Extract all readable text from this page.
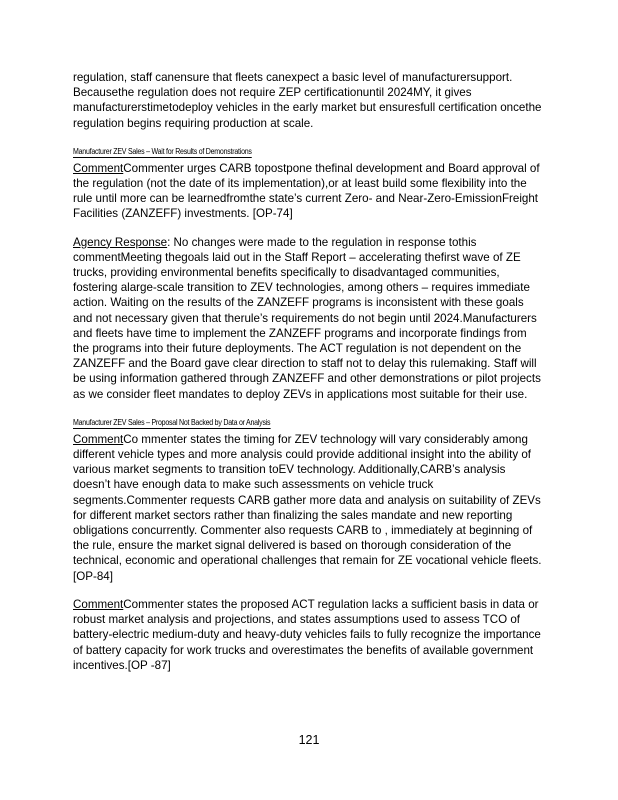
regulation, staff canensure that fleets canexpect a basic level of manufacturersupport. Becausethe regulation does not require ZEP certificationuntil 2024MY, it gives manufacturerstimetodeploy vehicles in the early market but ensuresfull certification oncethe regulation begins requiring production at scale.

Manufacturer ZEV Sales – Wait for Results of Demonstrations

CommentCommenter urges CARB topostpone thefinal development and Board approval of the regulation (not the date of its implementation),or at least build some flexibility into the rule until more can be learnedfromthe state’s current Zero- and Near-Zero-EmissionFreight Facilities (ZANZEFF) investments. [OP-74]

Agency Response: No changes were made to the regulation in response tothis commentMeeting thegoals laid out in the Staff Report – accelerating thefirst wave of ZE trucks, providing environmental benefits specifically to disadvantaged communities, fostering alarge-scale transition to ZEV technologies, among others – requires immediate action. Waiting on the results of the ZANZEFF programs is inconsistent with these goals and not necessary given that therule’s requirements do not begin until 2024.Manufacturers and fleets have time to implement the ZANZEFF programs and incorporate findings from the programs into their future deployments. The ACT regulation is not dependent on the ZANZEFF and the Board gave clear direction to staff not to delay this rulemaking. Staff will be using information gathered through ZANZEFF and other demonstrations or pilot projects as we consider fleet mandates to deploy ZEVs in applications most suitable for their use.

Manufacturer ZEV Sales – Proposal Not Backed by Data or Analysis

CommentCo mmenter states the timing for ZEV technology will vary considerably among different vehicle types and more analysis could provide additional insight into the ability of various market segments to transition toEV technology. Additionally,CARB’s analysis doesn’t have enough data to make such assessments on vehicle truck segments.Commenter requests CARB gather more data and analysis on suitability of ZEVs for different market sectors rather than finalizing the sales mandate and new reporting obligations concurrently. Commenter also requests CARB to , immediately at beginning of the rule, ensure the market signal delivered is based on thorough consideration of the technical, economic and operational challenges that remain for ZE vocational vehicle fleets. [OP-84]

CommentCommenter states the proposed ACT regulation lacks a sufficient basis in data or robust market analysis and projections, and states assumptions used to assess TCO of battery-electric medium-duty and heavy-duty vehicles fails to fully recognize the importance of battery capacity for work trucks and overestimates the benefits of available government incentives.[OP -87]

121
